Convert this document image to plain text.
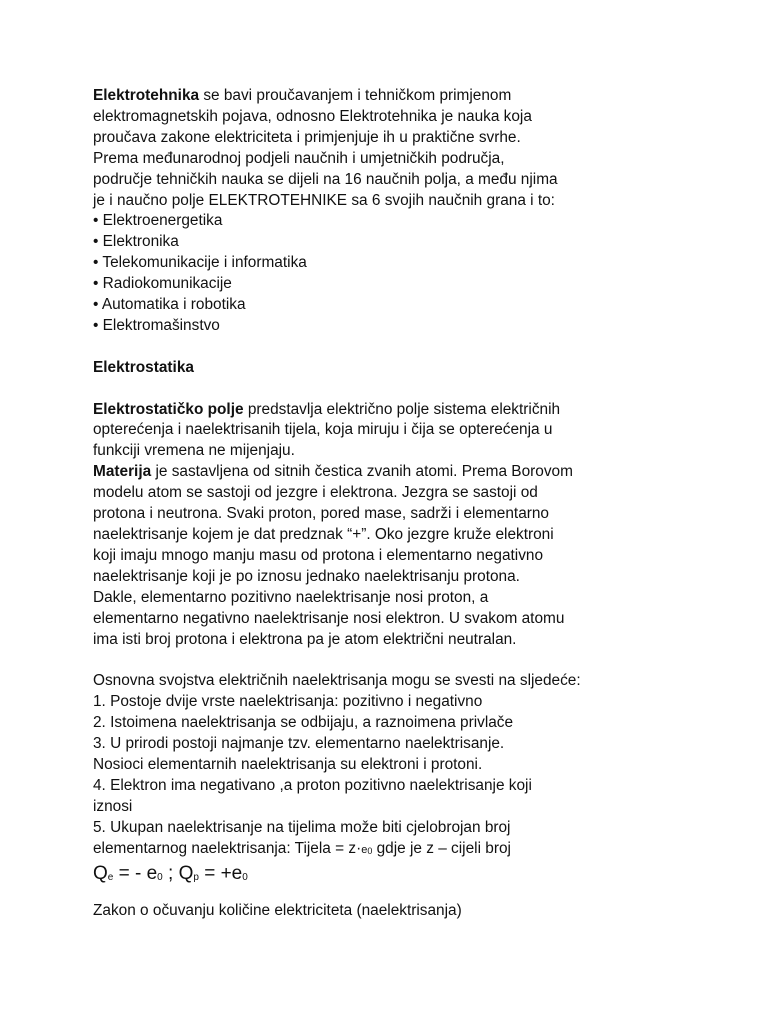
Elektrotehnika se bavi proučavanjem i tehničkom primjenom
elektromagnetskih pojava, odnosno Elektrotehnika je nauka koja
proučava zakone elektriciteta i primjenjuje ih u praktične svrhe.
Prema međunarodnoj podjeli naučnih i umjetničkih područja,
područje tehničkih nauka se dijeli na 16 naučnih polja, a među njima
je i naučno polje ELEKTROTEHNIKE sa 6 svojih naučnih grana i to:
• Elektroenergetika
• Elektronika
• Telekomunikacije i informatika
• Radiokomunikacije
• Automatika i robotika
• Elektromašinstvo
Elektrostatika
Elektrostatičko polje predstavlja električno polje sistema električnih
opterećenja i naelektrisanih tijela, koja miruju i čija se opterećenja u
funkciji vremena ne mijenjaju.
Materija je sastavljena od sitnih čestica zvanih atomi. Prema Borovom
modelu atom se sastoji od jezgre i elektrona. Jezgra se sastoji od
protona i neutrona. Svaki proton, pored mase, sadrži i elementarno
naelektrisanje kojem je dat predznak “+”. Oko jezgre kruže elektroni
koji imaju mnogo manju masu od protona i elementarno negativno
naelektrisanje koji je po iznosu jednako naelektrisanju protona.
Dakle, elementarno pozitivno naelektrisanje nosi proton, a
elementarno negativno naelektrisanje nosi elektron. U svakom atomu
ima isti broj protona i elektrona pa je atom električni neutralan.
Osnovna svojstva električnih naelektrisanja mogu se svesti na sljedeće:
1. Postoje dvije vrste naelektrisanja: pozitivno i negativno
2. Istoimena naelektrisanja se odbijaju, a raznoimena privlače
3. U prirodi postoji najmanje tzv. elementarno naelektrisanje.
Nosioci elementarnih naelektrisanja su elektroni i protoni.
4. Elektron ima negativano ,a proton pozitivno naelektrisanje koji
iznosi
5. Ukupan naelektrisanje na tijelima može biti cjelobrojan broj
elementarnog naelektrisanja: Tijela = z·e0 gdje je z – cijeli broj
$Q_e$ = - $e_0$ ; $Q_p = +e_0$
Zakon o očuvanju količine elektriciteta (naelektrisanja)
